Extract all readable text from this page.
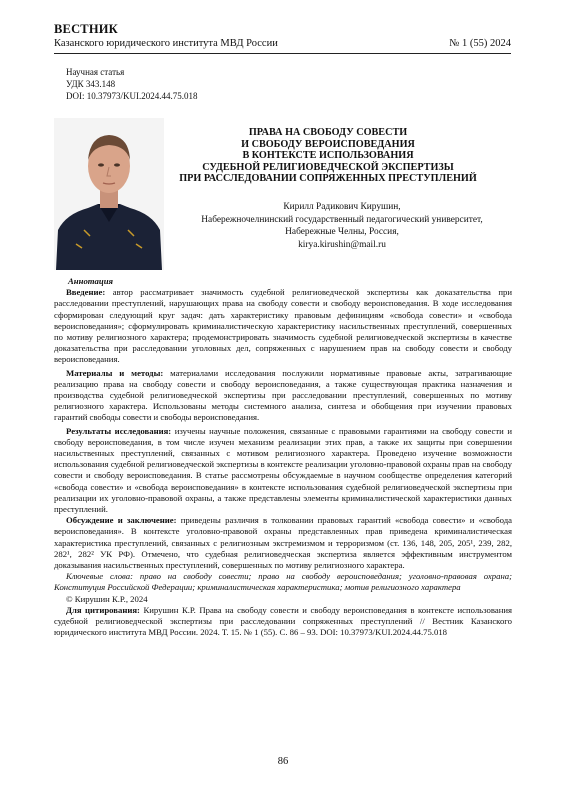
ВЕСТНИК
Казанского юридического института МВД России	№ 1 (55) 2024
Научная статья
УДК 343.148
DOI: 10.37973/KUI.2024.44.75.018
ПРАВА НА СВОБОДУ СОВЕСТИ
И СВОБОДУ ВЕРОИСПОВЕДАНИЯ
В КОНТЕКСТЕ ИСПОЛЬЗОВАНИЯ
СУДЕБНОЙ РЕЛИГИОВЕДЧЕСКОЙ ЭКСПЕРТИЗЫ
ПРИ РАССЛЕДОВАНИИ СОПРЯЖЕННЫХ ПРЕСТУПЛЕНИЙ
Кирилл Радикович Кирушин,
Набережночелнинский государственный педагогический университет,
Набережные Челны, Россия,
kirya.kirushin@mail.ru

Аннотация

Введение: автор рассматривает значимость судебной религиоведческой экспертизы как доказательства при расследовании преступлений, нарушающих права на свободу совести и свободу вероисповедания. В ходе исследования сформирован следующий круг задач: дать характеристику правовым дефинициям «свобода совести» и «свобода вероисповедания»; сформулировать криминалистическую характеристику насильственных преступлений, совершенных по мотиву религиозного характера; продемонстрировать значимость судебной религиоведческой экспертизы в качестве доказательства при расследовании уголовных дел, сопряженных с нарушением прав на свободу совести и свободу вероисповедания.

Материалы и методы: материалами исследования послужили нормативные правовые акты, затрагивающие реализацию права на свободу совести и свободу вероисповедания, а также существующая практика назначения и производства судебной религиоведческой экспертизы при расследовании преступлений, совершенных по мотиву религиозного характера. Использованы методы системного анализа, синтеза и обобщения при изучении правовых гарантий свободы совести и свободы вероисповедания.

Результаты исследования: изучены научные положения, связанные с правовыми гарантиями на свободу совести и свободу вероисповедания, в том числе изучен механизм реализации этих прав, а также их защиты при совершении насильственных преступлений, связанных с мотивом религиозного характера. Проведено изучение возможности использования судебной религиоведческой экспертизы в контексте реализации уголовно-правовой охраны прав на свободу совести и свободу вероисповедания. В статье рассмотрены обсуждаемые в научном сообществе определения категорий «свобода совести» и «свобода вероисповедания» в контексте использования судебной религиоведческой экспертизы при реализации их уголовно-правовой охраны, а также представлены элементы криминалистической характеристики данных преступлений.

Обсуждение и заключение: приведены различия в толковании правовых гарантий «свобода совести» и «свобода вероисповедания». В контексте уголовно-правовой охраны представленных прав приведена криминалистическая характеристика преступлений, связанных с религиозным экстремизмом и терроризмом (ст. 136, 148, 205, 205¹, 239, 282, 282¹, 282² УК РФ). Отмечено, что судебная религиоведческая экспертиза является эффективным инструментом доказывания насильственных преступлений, совершенных по мотиву религиозного характера.

Ключевые слова: право на свободу совести; право на свободу вероисповедания; уголовно-правовая охрана; Конституция Российской Федерации; криминалистическая характеристика; мотив религиозного характера

© Кирушин К.Р., 2024

Для цитирования: Кирушин К.Р. Права на свободу совести и свободу вероисповедания в контексте использования судебной религиоведческой экспертизы при расследовании сопряженных преступлений // Вестник Казанского юридического института МВД России. 2024. Т. 15. № 1 (55). С. 86 – 93. DOI: 10.37973/KUI.2024.44.75.018

86
